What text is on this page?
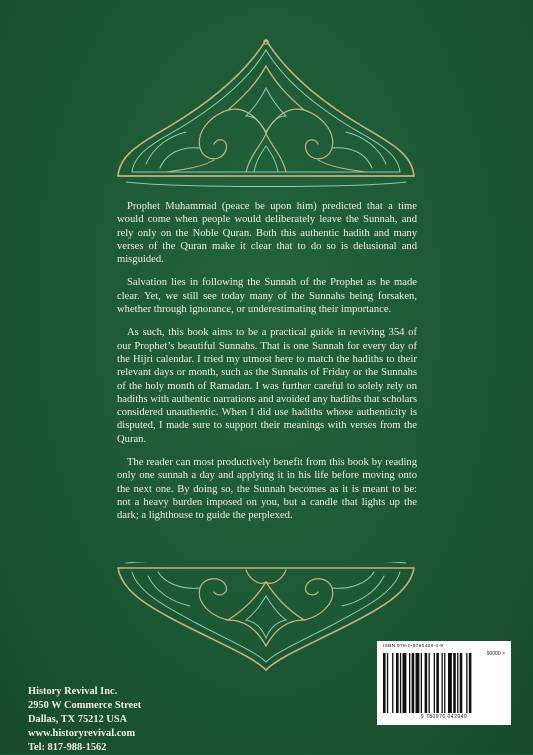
Prophet Muhammad (peace be upon him) predicted that a time would come when people would deliberately leave the Sunnah, and rely only on the Noble Quran. Both this authentic hadith and many verses of the Quran make it clear that to do so is delusional and misguided.

Salvation lies in following the Sunnah of the Prophet as he made clear. Yet, we still see today many of the Sunnahs being forsaken, whether through ignorance, or underestimating their importance.

As such, this book aims to be a practical guide in reviving 354 of our Prophet’s beautiful Sunnahs. That is one Sunnah for every day of the Hijri calendar. I tried my utmost here to match the hadiths to their relevant days or month, such as the Sunnahs of Friday or the Sunnahs of the holy month of Ramadan. I was further careful to solely rely on hadiths with authentic narrations and avoided any hadiths that scholars considered unauthentic. When I did use hadiths whose authenticity is disputed, I made sure to support their meanings with verses from the Quran.

The reader can most productively benefit from this book by reading only one sunnah a day and applying it in his life before moving onto the next one. By doing so, the Sunnah becomes as it is meant to be: not a heavy burden imposed on you, but a candle that lights up the dark; a lighthouse to guide the perplexed.

History Revival Inc.
2950 W Commerce Street
Dallas, TX 75212 USA
www.historyrevival.com
Tel: 817-988-1562
ISBN 978-0-9760429-4-9
90000 >
9 780976 042949
